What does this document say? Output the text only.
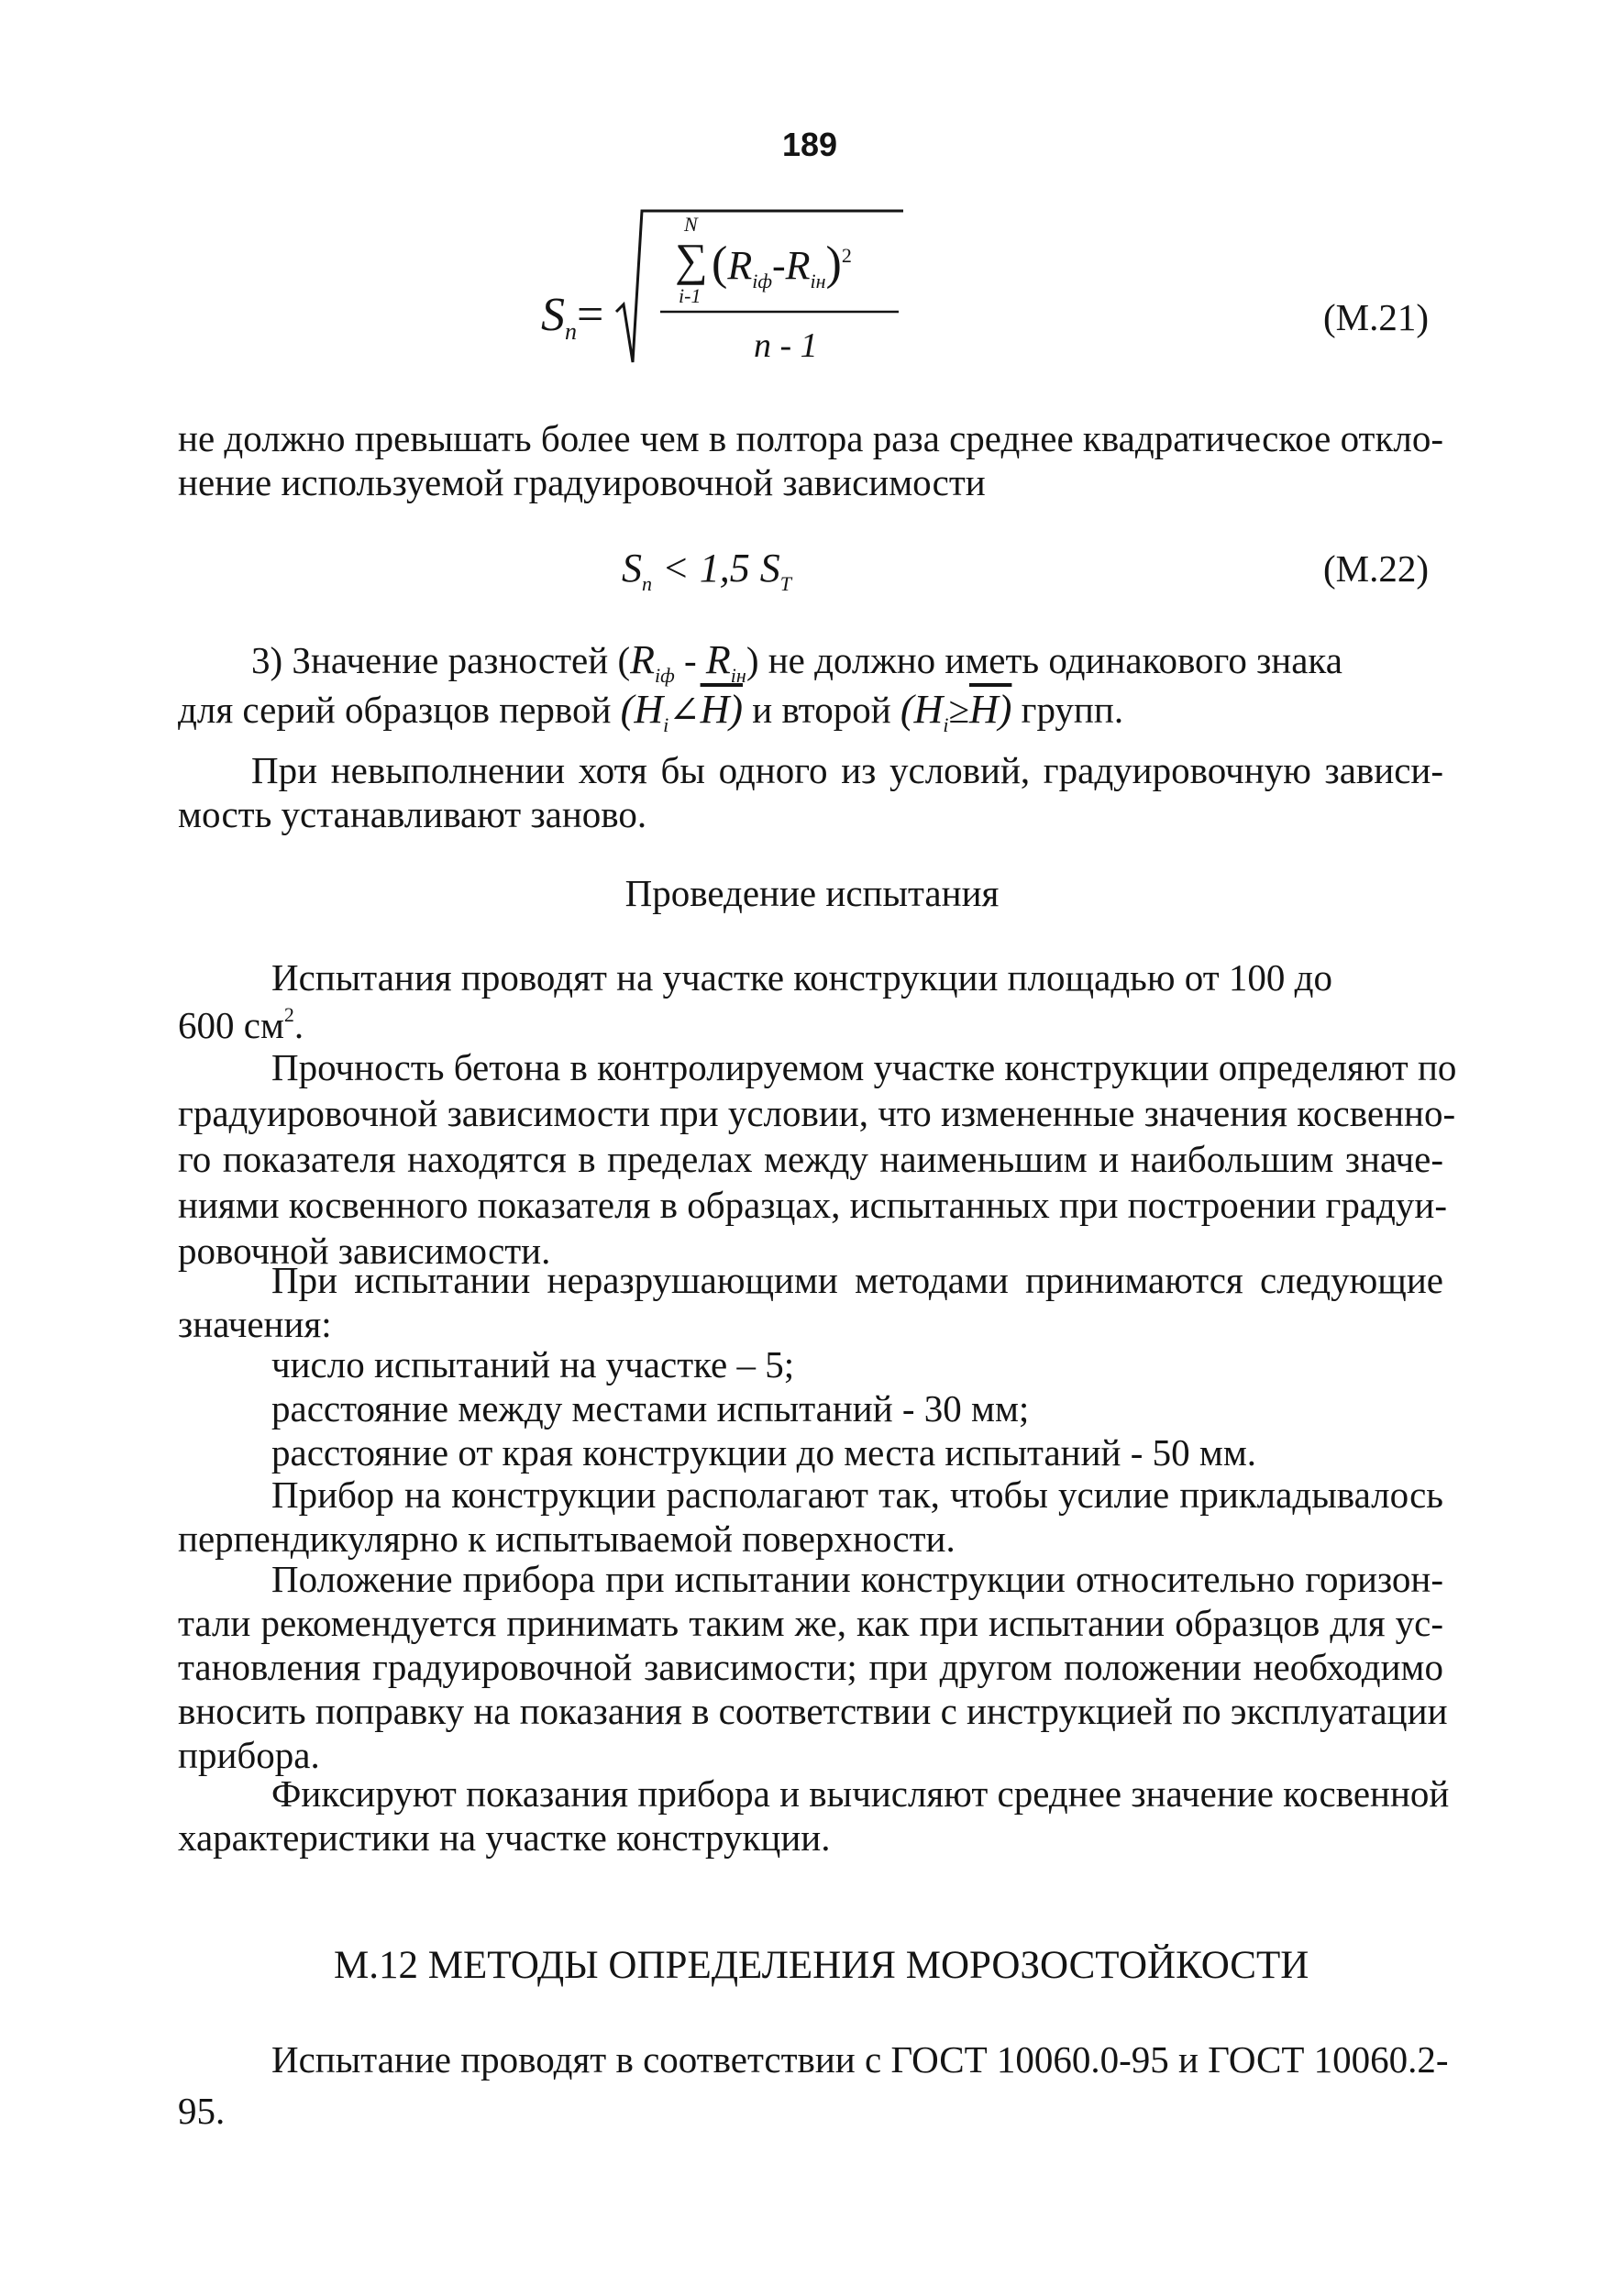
189
$S_n=$
N
∑
i-1
$(R_{iф}-R_{iн})^2$
n - 1
(М.21)
не должно превышать более чем в полтора раза среднее квадратическое откло-
нение используемой градуировочной зависимости
$S_n < 1,5$ $S_T$	(М.22)
3) Значение разностей $(R_{iф} - R_{iн})$ не должно иметь одинакового знака
для серий образцов первой $(H_i\angle H)$ и второй $(H_i\ge H)$ групп.
При невыполнении хотя бы одного из условий, градуировочную зависи-
мость устанавливают заново.
Проведение испытания
Испытания проводят на участке конструкции площадью от 100 до
600 $см^2$.
Прочность бетона в контролируемом участке конструкции определяют по
градуировочной зависимости при условии, что измененные значения косвенно-
го показателя находятся в пределах между наименьшим и наибольшим значе-
ниями косвенного показателя в образцах, испытанных при построении градуи-
ровочной зависимости.
При испытании неразрушающими методами принимаются следующие
значения:
число испытаний на участке – 5;
расстояние между местами испытаний - 30 мм;
расстояние от края конструкции до места испытаний - 50 мм.
Прибор на конструкции располагают так, чтобы усилие прикладывалось
перпендикулярно к испытываемой поверхности.
Положение прибора при испытании конструкции относительно горизон-
тали рекомендуется принимать таким же, как при испытании образцов для ус-
тановления градуировочной зависимости; при другом положении необходимо
вносить поправку на показания в соответствии с инструкцией по эксплуатации
прибора.
Фиксируют показания прибора и вычисляют среднее значение косвенной
характеристики на участке конструкции.
М.12 МЕТОДЫ ОПРЕДЕЛЕНИЯ МОРОЗОСТОЙКОСТИ
Испытание проводят в соответствии с ГОСТ 10060.0-95 и ГОСТ 10060.2-
95.
